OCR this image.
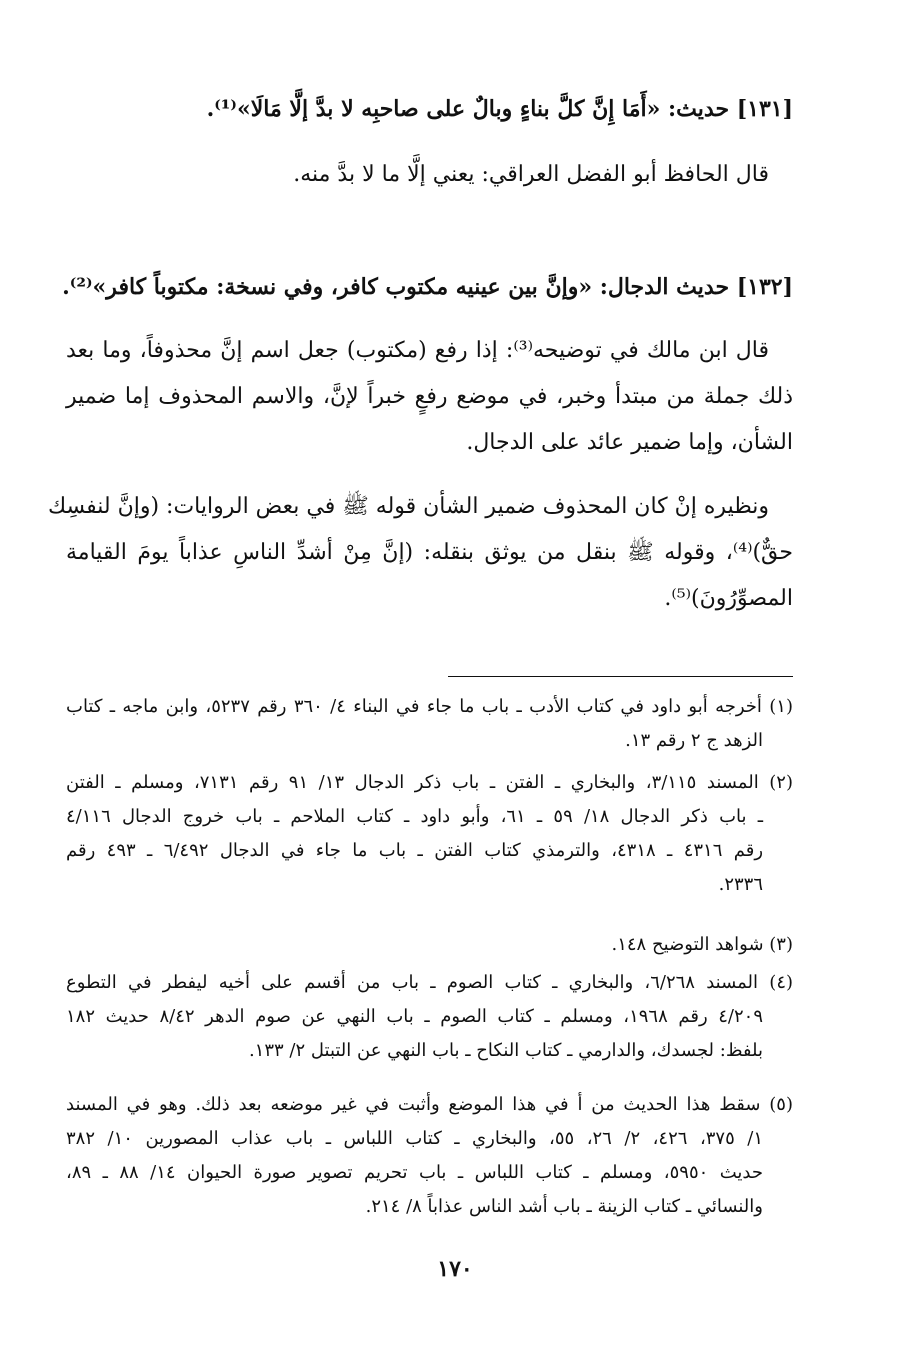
[١٣١] حديث: «أَمَا إِنَّ كلَّ بناءٍ وبالٌ على صاحبِه لا بدَّ إلَّا مَالَا»⁽¹⁾.
قال الحافظ أبو الفضل العراقي: يعني إلَّا ما لا بدَّ منه.
[١٣٢] حديث الدجال: «وإنَّ بين عينيه مكتوب كافر، وفي نسخة: مكتوباً كافر»⁽²⁾.
قال ابن مالك في توضيحه⁽³⁾: إذا رفع (مكتوب) جعل اسم إنَّ محذوفاً، وما بعد
ذلك جملة من مبتدأ وخبر، في موضع رفعٍ خبراً لإنَّ، والاسم المحذوف إما ضمير
الشأن، وإما ضمير عائد على الدجال.
ونظيره إنْ كان المحذوف ضمير الشأن قوله ﷺ في بعض الروايات: (وإنَّ لنفسِك
حقٌّ)⁽⁴⁾، وقوله ﷺ بنقل من يوثق بنقله: (إنَّ مِنْ أشدِّ الناسِ عذاباً يومَ القيامة
المصوِّرُونَ)⁽⁵⁾.
(١) أخرجه أبو داود في كتاب الأدب ـ باب ما جاء في البناء ٤/ ٣٦٠ رقم ٥٢٣٧، وابن ماجه ـ كتاب
الزهد ج ٢ رقم ١٣.
(٢) المسند ٣/١١٥، والبخاري ـ الفتن ـ باب ذكر الدجال ١٣/ ٩١ رقم ٧١٣١، ومسلم ـ الفتن
ـ باب ذكر الدجال ١٨/ ٥٩ ـ ٦١، وأبو داود ـ كتاب الملاحم ـ باب خروج الدجال ٤/١١٦
رقم ٤٣١٦ ـ ٤٣١٨، والترمذي كتاب الفتن ـ باب ما جاء في الدجال ٦/٤٩٢ ـ ٤٩٣ رقم
٢٣٣٦.
(٣) شواهد التوضيح ١٤٨.
(٤) المسند ٦/٢٦٨، والبخاري ـ كتاب الصوم ـ باب من أقسم على أخيه ليفطر في التطوع
٤/٢٠٩ رقم ١٩٦٨، ومسلم ـ كتاب الصوم ـ باب النهي عن صوم الدهر ٨/٤٢ حديث ١٨٢
بلفظ: لجسدك، والدارمي ـ كتاب النكاح ـ باب النهي عن التبتل ٢/ ١٣٣.
(٥) سقط هذا الحديث من أ في هذا الموضع وأثبت في غير موضعه بعد ذلك. وهو في المسند
١/ ٣٧٥، ٤٢٦، ٢/ ٢٦، ٥٥، والبخاري ـ كتاب اللباس ـ باب عذاب المصورين ١٠/ ٣٨٢
حديث ٥٩٥٠، ومسلم ـ كتاب اللباس ـ باب تحريم تصوير صورة الحيوان ١٤/ ٨٨ ـ ٨٩،
والنسائي ـ كتاب الزينة ـ باب أشد الناس عذاباً ٨/ ٢١٤.
١٧٠
